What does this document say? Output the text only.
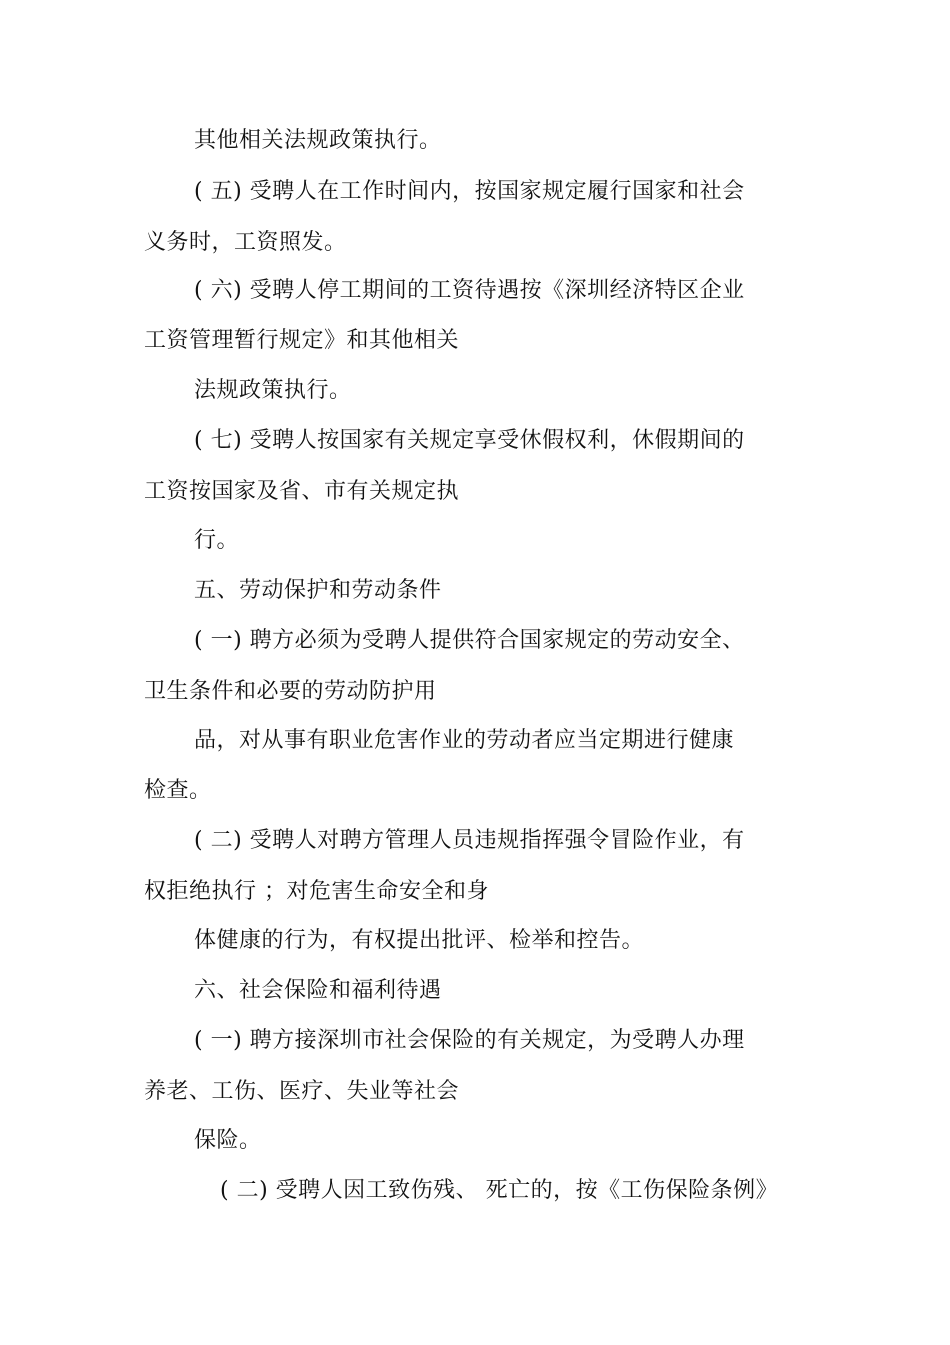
其他相关法规政策执行。
( 五) 受聘人在工作时间内，按国家规定履行国家和社会
义务时，工资照发。
( 六) 受聘人停工期间的工资待遇按《深圳经济特区企业
工资管理暂行规定》和其他相关
法规政策执行。
( 七) 受聘人按国家有关规定享受休假权利，休假期间的
工资按国家及省、市有关规定执
行。
五、劳动保护和劳动条件
( 一) 聘方必须为受聘人提供符合国家规定的劳动安全、
卫生条件和必要的劳动防护用
品，对从事有职业危害作业的劳动者应当定期进行健康
检查。
( 二) 受聘人对聘方管理人员违规指挥强令冒险作业，有
权拒绝执行 ；对危害生命安全和身
体健康的行为，有权提出批评、检举和控告。
六、社会保险和福利待遇
( 一) 聘方接深圳市社会保险的有关规定，为受聘人办理
养老、工伤、医疗、失业等社会
保险。
( 二) 受聘人因工致伤残、 死亡的，按《工伤保险条例》
